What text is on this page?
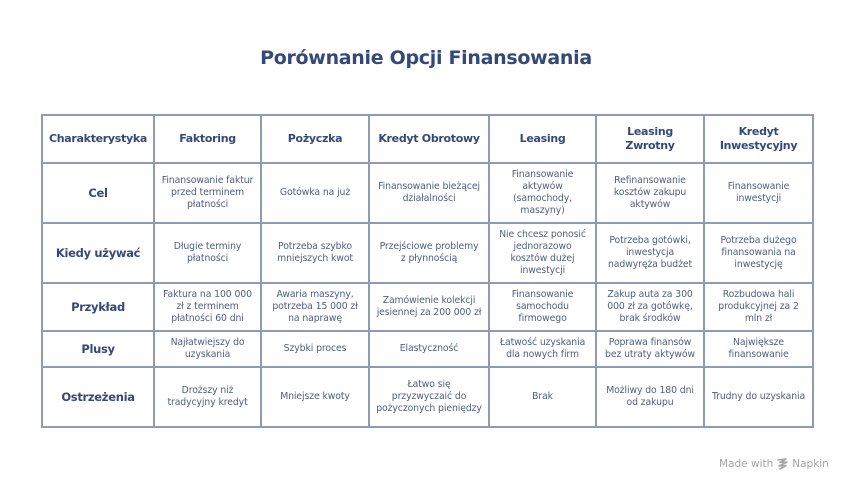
Porównanie Opcji Finansowania
Charakterystyka	Faktoring	Pożyczka	Kredyt Obrotowy	Leasing	Leasing Zwrotny	Kredyt Inwestycyjny
Cel	Finansowanie faktur przed terminem płatności	Gotówka na już	Finansowanie bieżącej działalności	Finansowanie aktywów (samochody, maszyny)	Refinansowanie kosztów zakupu aktywów	Finansowanie inwestycji
Kiedy używać	Długie terminy płatności	Potrzeba szybko mniejszych kwot	Przejściowe problemy z płynnością	Nie chcesz ponosić jednorazowo kosztów dużej inwestycji	Potrzeba gotówki, inwestycja nadwyręża budżet	Potrzeba dużego finansowania na inwestycję
Przykład	Faktura na 100 000 zł z terminem płatności 60 dni	Awaria maszyny, potrzeba 15 000 zł na naprawę	Zamówienie kolekcji jesiennej za 200 000 zł	Finansowanie samochodu firmowego	Zakup auta za 300 000 zł za gotówkę, brak środków	Rozbudowa hali produkcyjnej za 2 mln zł
Plusy	Najłatwiejszy do uzyskania	Szybki proces	Elastyczność	Łatwość uzyskania dla nowych firm	Poprawa finansów bez utraty aktywów	Największe finansowanie
Ostrzeżenia	Droższy niż tradycyjny kredyt	Mniejsze kwoty	Łatwo się przyzwyczaić do pożyczonych pieniędzy	Brak	Możliwy do 180 dni od zakupu	Trudny do uzyskania
Made with Napkin
